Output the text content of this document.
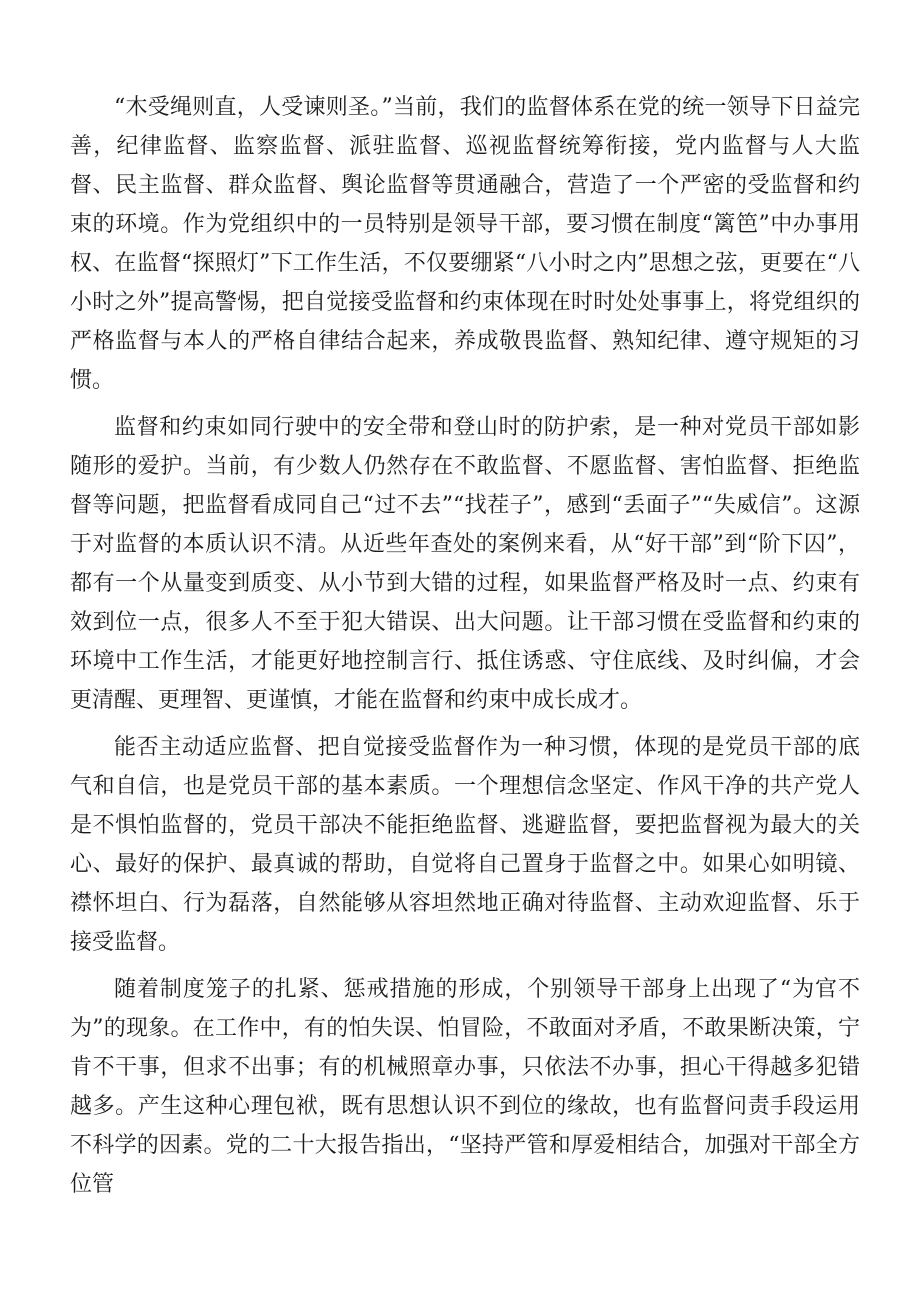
“木受绳则直，人受谏则圣。”当前，我们的监督体系在党的统一领导下日益完善，纪律监督、监察监督、派驻监督、巡视监督统筹衔接，党内监督与人大监督、民主监督、群众监督、舆论监督等贯通融合，营造了一个严密的受监督和约束的环境。作为党组织中的一员特别是领导干部，要习惯在制度“篱笆”中办事用权、在监督“探照灯”下工作生活，不仅要绷紧“八小时之内”思想之弦，更要在“八小时之外”提高警惕，把自觉接受监督和约束体现在时时处处事事上，将党组织的严格监督与本人的严格自律结合起来，养成敬畏监督、熟知纪律、遵守规矩的习惯。

监督和约束如同行驶中的安全带和登山时的防护索，是一种对党员干部如影随形的爱护。当前，有少数人仍然存在不敢监督、不愿监督、害怕监督、拒绝监督等问题，把监督看成同自己“过不去”“找茬子”，感到“丢面子”“失威信”。这源于对监督的本质认识不清。从近些年查处的案例来看，从“好干部”到“阶下囚”，都有一个从量变到质变、从小节到大错的过程，如果监督严格及时一点、约束有效到位一点，很多人不至于犯大错误、出大问题。让干部习惯在受监督和约束的环境中工作生活，才能更好地控制言行、抵住诱惑、守住底线、及时纠偏，才会更清醒、更理智、更谨慎，才能在监督和约束中成长成才。

能否主动适应监督、把自觉接受监督作为一种习惯，体现的是党员干部的底气和自信，也是党员干部的基本素质。一个理想信念坚定、作风干净的共产党人是不惧怕监督的，党员干部决不能拒绝监督、逃避监督，要把监督视为最大的关心、最好的保护、最真诚的帮助，自觉将自己置身于监督之中。如果心如明镜、襟怀坦白、行为磊落，自然能够从容坦然地正确对待监督、主动欢迎监督、乐于接受监督。

随着制度笼子的扎紧、惩戒措施的形成，个别领导干部身上出现了“为官不为”的现象。在工作中，有的怕失误、怕冒险，不敢面对矛盾，不敢果断决策，宁肯不干事，但求不出事；有的机械照章办事，只依法不办事，担心干得越多犯错越多。产生这种心理包袱，既有思想认识不到位的缘故，也有监督问责手段运用不科学的因素。党的二十大报告指出，“坚持严管和厚爱相结合，加强对干部全方位管
